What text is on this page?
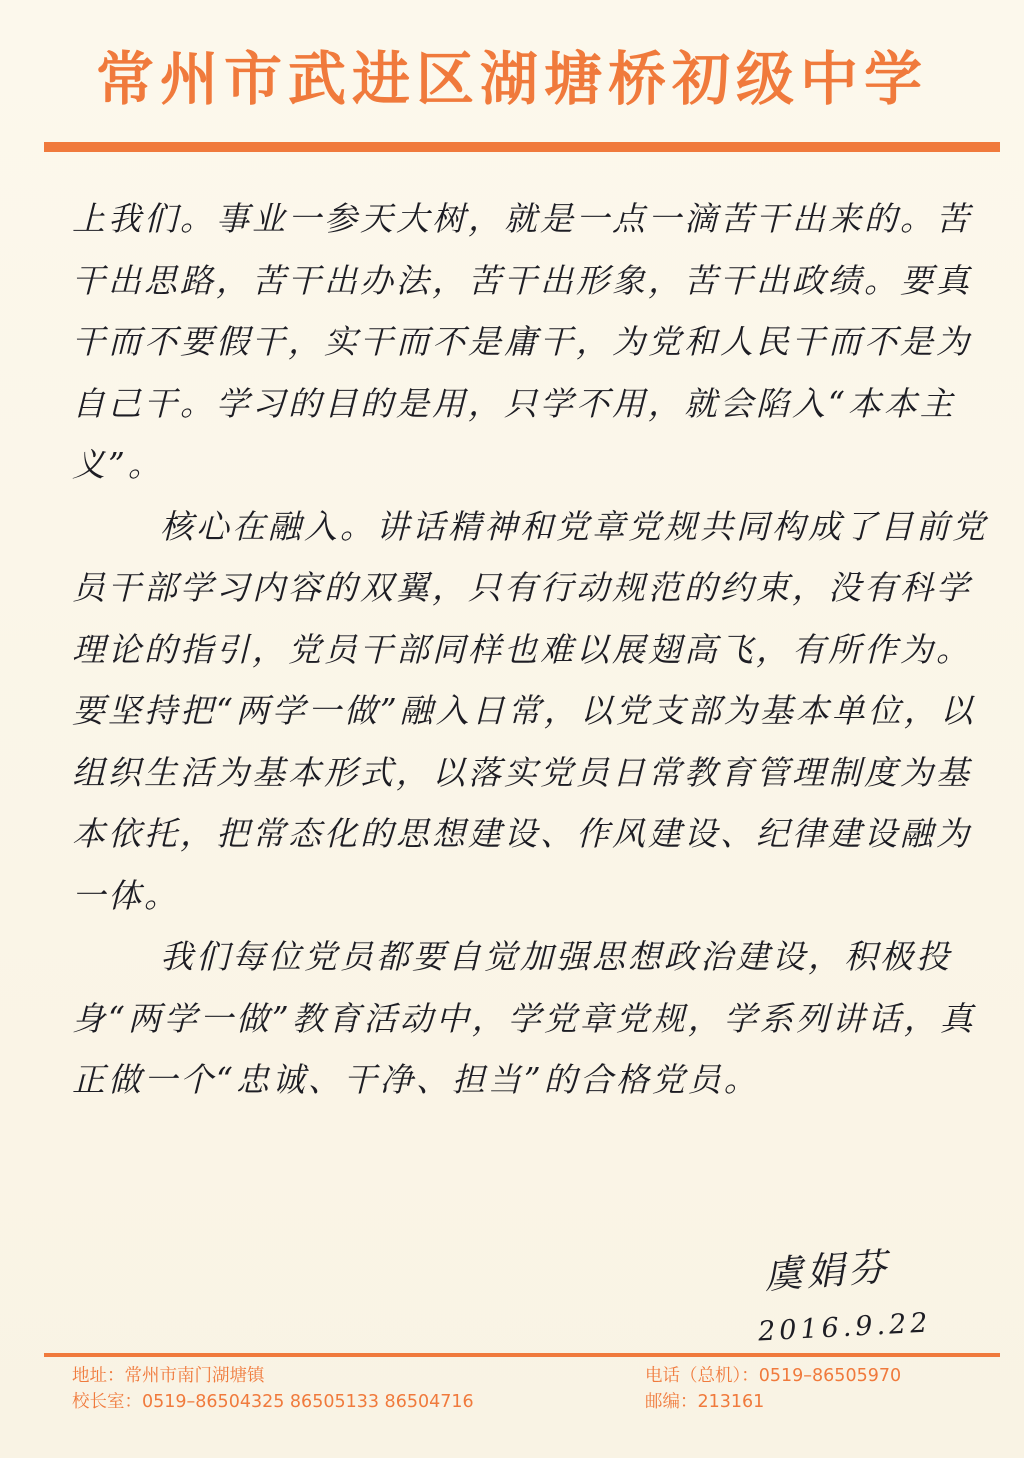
常州市武进区湖塘桥初级中学

上我们。事业一参天大树，就是一点一滴苦干出来的。苦干出思路，苦干出办法，苦干出形象，苦干出政绩。要真干而不要假干，实干而不是庸干，为党和人民干而不是为自己干。学习的目的是用，只学不用，就会陷入“本本主义”。

核心在融入。讲话精神和党章党规共同构成了目前党员干部学习内容的双翼，只有行动规范的约束，没有科学理论的指引，党员干部同样也难以展翅高飞，有所作为。要坚持把“两学一做”融入日常，以党支部为基本单位，以组织生活为基本形式，以落实党员日常教育管理制度为基本依托，把常态化的思想建设、作风建设、纪律建设融为一体。

我们每位党员都要自觉加强思想政治建设，积极投身“两学一做”教育活动中，学党章党规，学系列讲话，真正做一个“忠诚、干净、担当”的合格党员。

虞娟芬
2016.9.22
地址：常州市南门湖塘镇
校长室：0519–86504325 86505133 86504716
电话（总机）：0519–86505970
邮编：213161
